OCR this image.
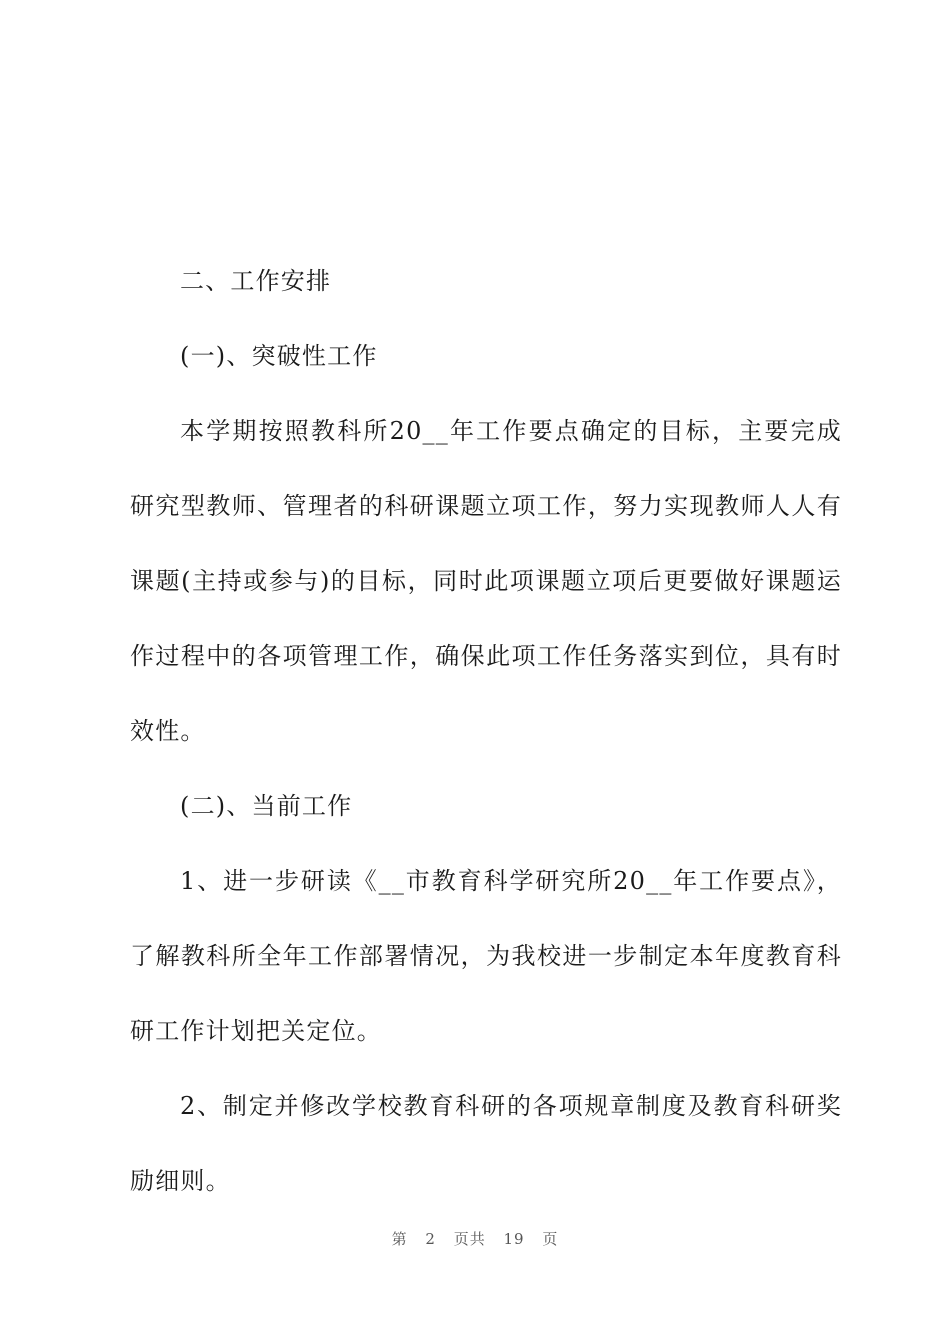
二、工作安排

(一)、突破性工作

本学期按照教科所20__年工作要点确定的目标，主要完成研究型教师、管理者的科研课题立项工作，努力实现教师人人有课题(主持或参与)的目标，同时此项课题立项后更要做好课题运作过程中的各项管理工作，确保此项工作任务落实到位，具有时效性。

(二)、当前工作

1、进一步研读《__市教育科学研究所20__年工作要点》，了解教科所全年工作部署情况，为我校进一步制定本年度教育科研工作计划把关定位。

2、制定并修改学校教育科研的各项规章制度及教育科研奖励细则。

第 2 页共 19 页
